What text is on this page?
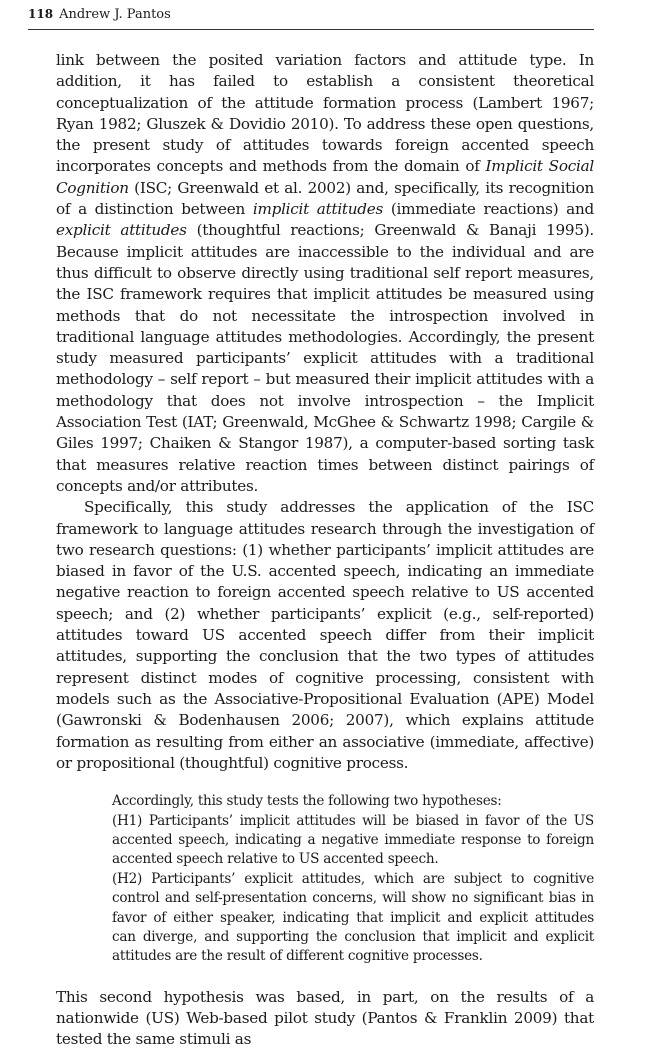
118 Andrew J. Pantos

link between the posited variation factors and attitude type. In addition, it has failed to establish a consistent theoretical conceptualization of the attitude formation process (Lambert 1967; Ryan 1982; Gluszek & Dovidio 2010). To address these open questions, the present study of attitudes towards foreign accented speech incorporates concepts and methods from the domain of Implicit Social Cognition (ISC; Greenwald et al. 2002) and, specifically, its recognition of a distinction between implicit attitudes (immediate reactions) and explicit attitudes (thoughtful reactions; Greenwald & Banaji 1995). Because implicit attitudes are inaccessible to the individual and are thus difficult to observe directly using traditional self report measures, the ISC framework requires that implicit attitudes be measured using methods that do not necessitate the introspection involved in traditional language attitudes methodologies. Accordingly, the present study measured participants’ explicit attitudes with a traditional methodology – self report – but measured their implicit attitudes with a methodology that does not involve introspection – the Implicit Association Test (IAT; Greenwald, McGhee & Schwartz 1998; Cargile & Giles 1997; Chaiken & Stangor 1987), a computer-based sorting task that measures relative reaction times between distinct pairings of concepts and/or attributes.

Specifically, this study addresses the application of the ISC framework to language attitudes research through the investigation of two research questions: (1) whether participants’ implicit attitudes are biased in favor of the U.S. accented speech, indicating an immediate negative reaction to foreign accented speech relative to US accented speech; and (2) whether participants’ explicit (e.g., self-reported) attitudes toward US accented speech differ from their implicit attitudes, supporting the conclusion that the two types of attitudes represent distinct modes of cognitive processing, consistent with models such as the Associative-Propositional Evaluation (APE) Model (Gawronski & Bodenhausen 2006; 2007), which explains attitude formation as resulting from either an associative (immediate, affective) or propositional (thoughtful) cognitive process.

Accordingly, this study tests the following two hypotheses:

(H1) Participants’ implicit attitudes will be biased in favor of the US accented speech, indicating a negative immediate response to foreign accented speech relative to US accented speech.

(H2) Participants’ explicit attitudes, which are subject to cognitive control and self-presentation concerns, will show no significant bias in favor of either speaker, indicating that implicit and explicit attitudes can diverge, and supporting the conclusion that implicit and explicit attitudes are the result of different cognitive processes.

This second hypothesis was based, in part, on the results of a nationwide (US) Web-based pilot study (Pantos & Franklin 2009) that tested the same stimuli as
